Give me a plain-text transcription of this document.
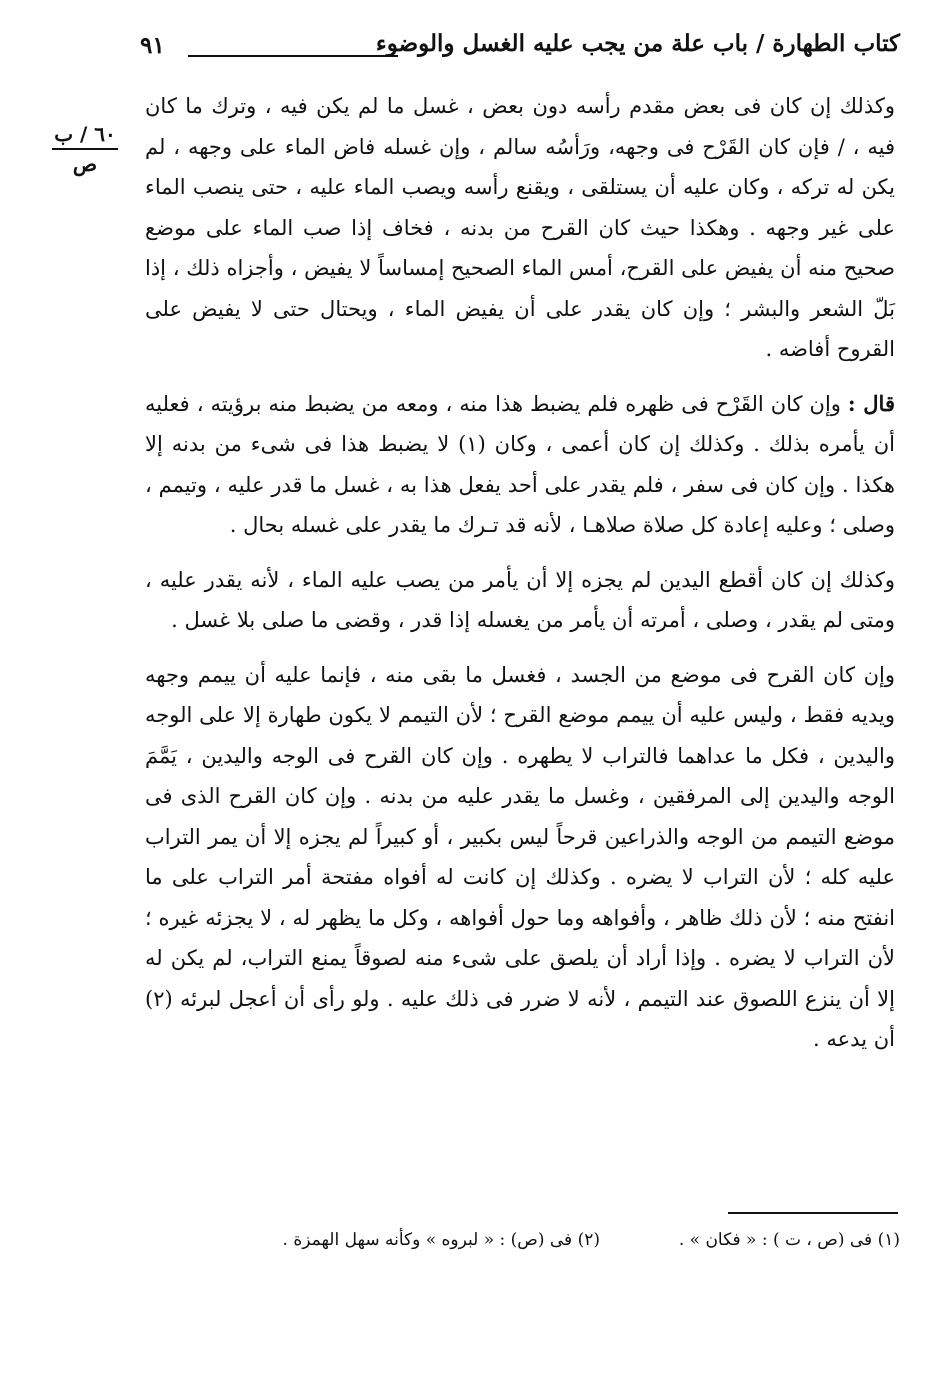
كتاب الطهارة / باب علة من يجب عليه الغسل والوضوء
٩١
٦٠ / ب
ص

وكذلك إن كان فى بعض مقدم رأسه دون بعض ، غسل ما لم يكن فيه ، وترك ما كان فيه ، / فإن كان القَرْح فى وجهه، ورَأسُه سالم ، وإن غسله فاض الماء على وجهه ، لم يكن له تركه ، وكان عليه أن يستلقى ، ويقنع رأسه ويصب الماء عليه ، حتى ينصب الماء على غير وجهه . وهكذا حيث كان القرح من بدنه ، فخاف إذا صب الماء على موضع صحيح منه أن يفيض على القرح، أمس الماء الصحيح إمساساً لا يفيض ، وأجزاه ذلك ، إذا بَلّ الشعر والبشر ؛ وإن كان يقدر على أن يفيض الماء ، ويحتال حتى لا يفيض على القروح أفاضه .

قال : وإن كان القَرْح فى ظهره فلم يضبط هذا منه ، ومعه من يضبط منه برؤيته ، فعليه أن يأمره بذلك . وكذلك إن كان أعمى ، وكان (١) لا يضبط هذا فى شىء من بدنه إلا هكذا . وإن كان فى سفر ، فلم يقدر على أحد يفعل هذا به ، غسل ما قدر عليه ، وتيمم ، وصلى ؛ وعليه إعادة كل صلاة صلاهـا ، لأنه قد تـرك ما يقدر على غسله بحال .

وكذلك إن كان أقطع اليدين لم يجزه إلا أن يأمر من يصب عليه الماء ، لأنه يقدر عليه ، ومتى لم يقدر ، وصلى ، أمرته أن يأمر من يغسله إذا قدر ، وقضى ما صلى بلا غسل .

وإن كان القرح فى موضع من الجسد ، فغسل ما بقى منه ، فإنما عليه أن ييمم وجهه ويديه فقط ، وليس عليه أن ييمم موضع القرح ؛ لأن التيمم لا يكون طهارة إلا على الوجه واليدين ، فكل ما عداهما فالتراب لا يطهره . وإن كان القرح فى الوجه واليدين ، يَمَّمَ الوجه واليدين إلى المرفقين ، وغسل ما يقدر عليه من بدنه . وإن كان القرح الذى فى موضع التيمم من الوجه والذراعين قرحاً ليس بكبير ، أو كبيراً لم يجزه إلا أن يمر التراب عليه كله ؛ لأن التراب لا يضره . وكذلك إن كانت له أفواه مفتحة أمر التراب على ما انفتح منه ؛ لأن ذلك ظاهر ، وأفواهه وما حول أفواهه ، وكل ما يظهر له ، لا يجزئه غيره ؛ لأن التراب لا يضره . وإذا أراد أن يلصق على شىء منه لصوقاً يمنع التراب، لم يكن له إلا أن ينزع اللصوق عند التيمم ، لأنه لا ضرر فى ذلك عليه . ولو رأى أن أعجل لبرئه (٢) أن يدعه .

(١) فى (ص ، ت ) : « فكان » .
(٢) فى (ص) : « لبروه » وكأنه سهل الهمزة .
